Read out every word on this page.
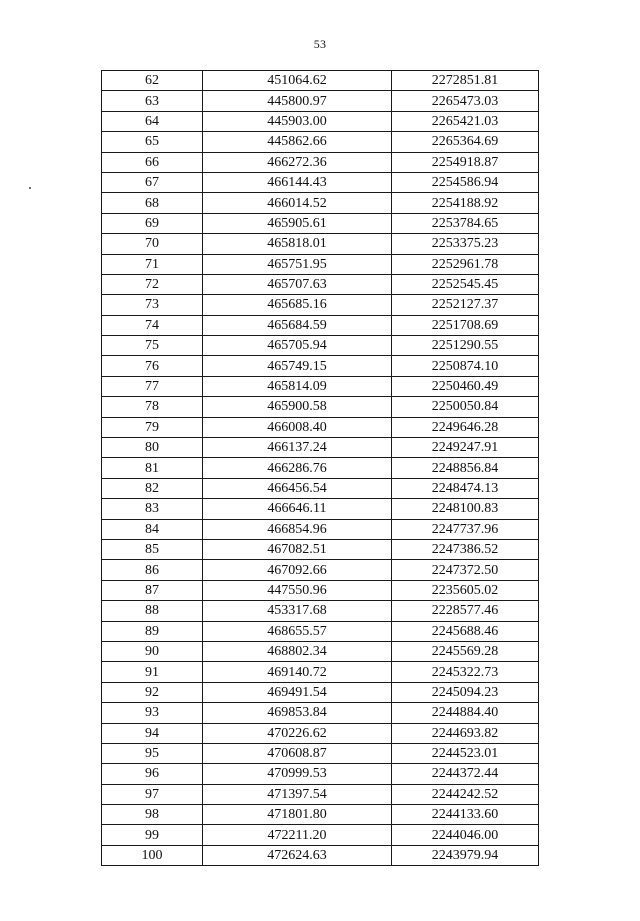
53
62	451064.62	2272851.81
63	445800.97	2265473.03
64	445903.00	2265421.03
65	445862.66	2265364.69
66	466272.36	2254918.87
67	466144.43	2254586.94
68	466014.52	2254188.92
69	465905.61	2253784.65
70	465818.01	2253375.23
71	465751.95	2252961.78
72	465707.63	2252545.45
73	465685.16	2252127.37
74	465684.59	2251708.69
75	465705.94	2251290.55
76	465749.15	2250874.10
77	465814.09	2250460.49
78	465900.58	2250050.84
79	466008.40	2249646.28
80	466137.24	2249247.91
81	466286.76	2248856.84
82	466456.54	2248474.13
83	466646.11	2248100.83
84	466854.96	2247737.96
85	467082.51	2247386.52
86	467092.66	2247372.50
87	447550.96	2235605.02
88	453317.68	2228577.46
89	468655.57	2245688.46
90	468802.34	2245569.28
91	469140.72	2245322.73
92	469491.54	2245094.23
93	469853.84	2244884.40
94	470226.62	2244693.82
95	470608.87	2244523.01
96	470999.53	2244372.44
97	471397.54	2244242.52
98	471801.80	2244133.60
99	472211.20	2244046.00
100	472624.63	2243979.94
